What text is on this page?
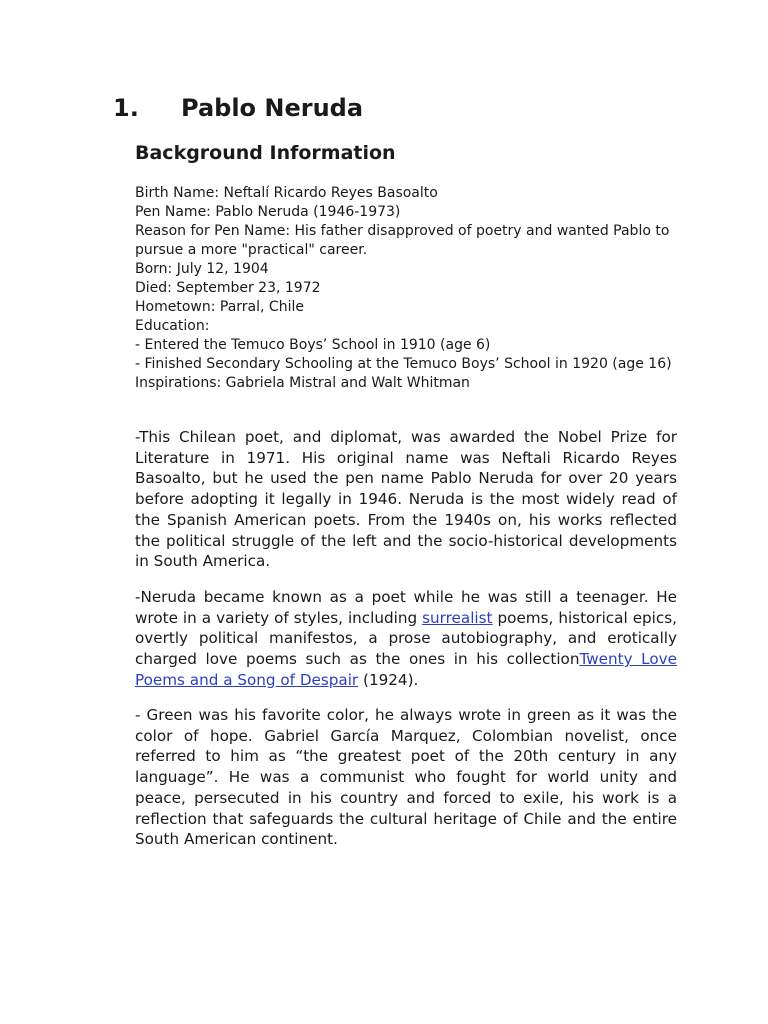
1. Pablo Neruda
Background Information
Birth Name: Neftalí Ricardo Reyes Basoalto
Pen Name: Pablo Neruda (1946-1973)
Reason for Pen Name: His father disapproved of poetry and wanted Pablo to
pursue a more "practical" career.
Born: July 12, 1904
Died: September 23, 1972
Hometown: Parral, Chile
Education:
- Entered the Temuco Boys’ School in 1910 (age 6)
- Finished Secondary Schooling at the Temuco Boys’ School in 1920 (age 16)
Inspirations: Gabriela Mistral and Walt Whitman

-This Chilean poet, and diplomat, was awarded the Nobel Prize for Literature in 1971. His original name was Neftali Ricardo Reyes Basoalto, but he used the pen name Pablo Neruda for over 20 years before adopting it legally in 1946. Neruda is the most widely read of the Spanish American poets. From the 1940s on, his works reflected the political struggle of the left and the socio-historical developments in South America.

-Neruda became known as a poet while he was still a teenager. He wrote in a variety of styles, including surrealist poems, historical epics, overtly political manifestos, a prose autobiography, and erotically charged love poems such as the ones in his collectionTwenty Love Poems and a Song of Despair (1924).

- Green was his favorite color, he always wrote in green as it was the color of hope. Gabriel García Marquez, Colombian novelist, once referred to him as “the greatest poet of the 20th century in any language”. He was a communist who fought for world unity and peace, persecuted in his country and forced to exile, his work is a reflection that safeguards the cultural heritage of Chile and the entire South American continent.
